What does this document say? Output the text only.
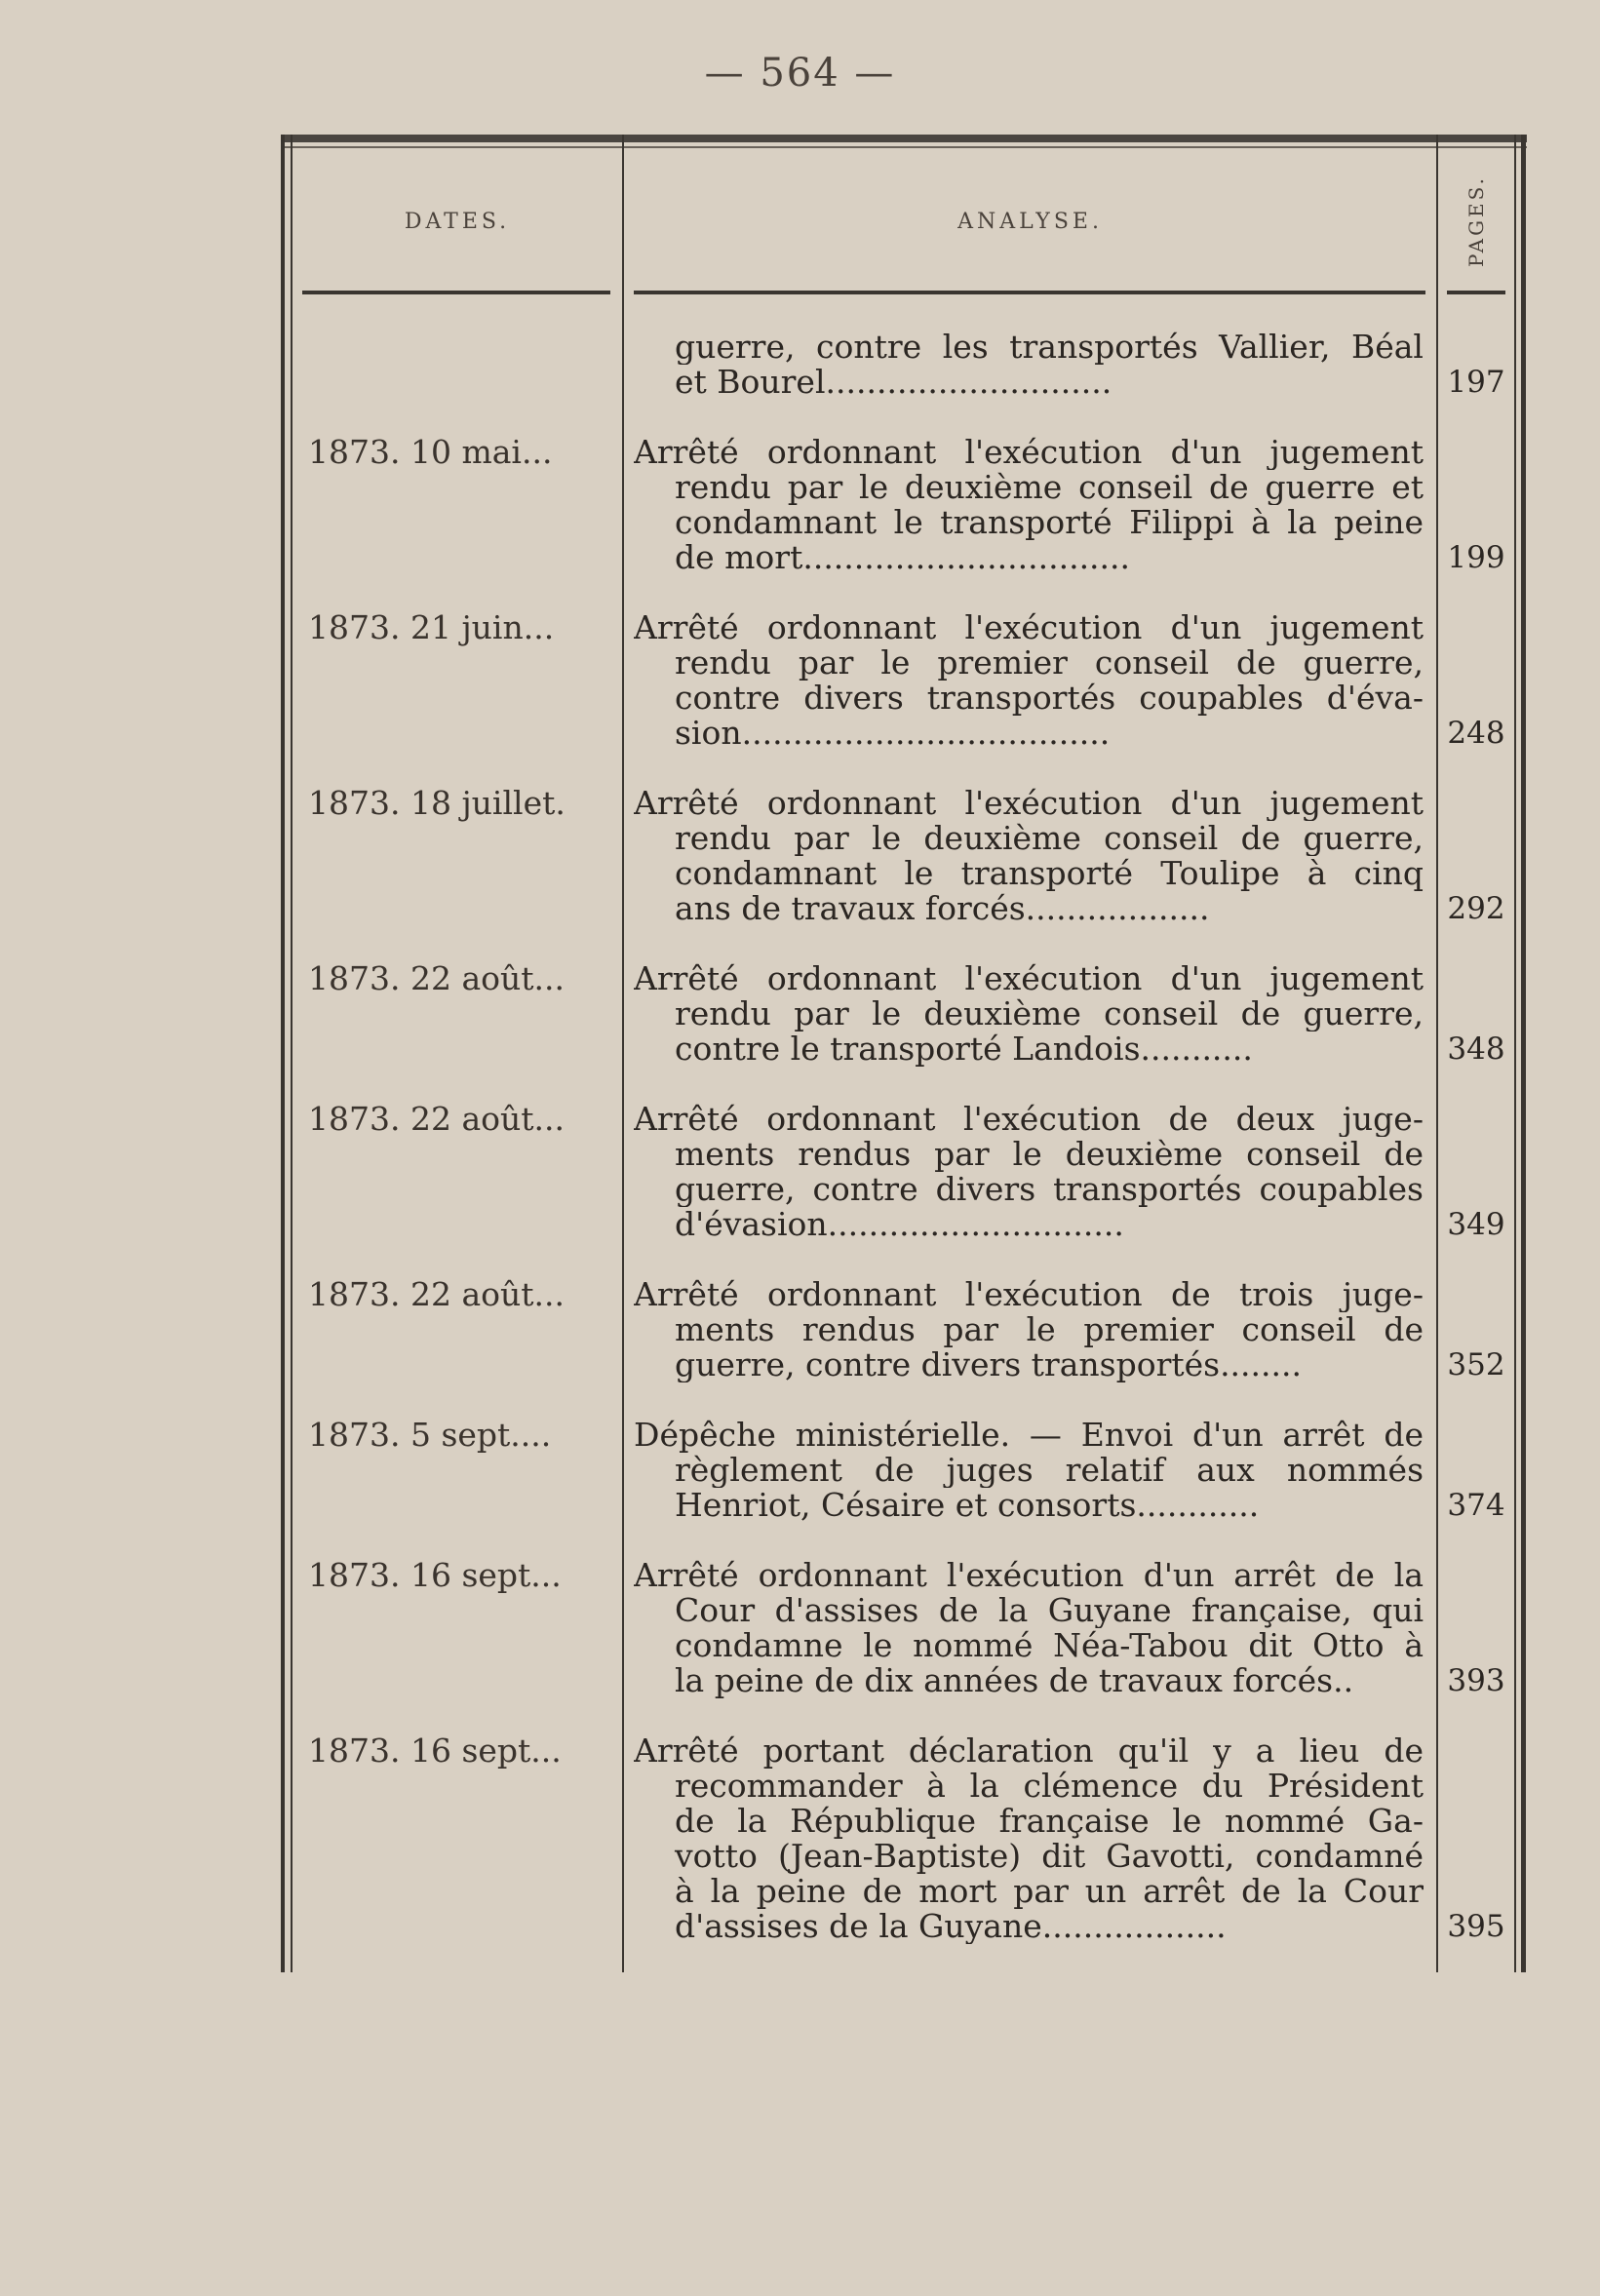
— 564 —
DATES.	ANALYSE.	PAGES.
guerre, contre les transportés Vallier, Béal
et Bourel............................	197
1873. 10 mai...	Arrêté ordonnant l'exécution d'un jugement
rendu par le deuxième conseil de guerre et
condamnant le transporté Filippi à la peine
de mort................................	199
1873. 21 juin...	Arrêté ordonnant l'exécution d'un jugement
rendu par le premier conseil de guerre,
contre divers transportés coupables d'éva-
sion....................................	248
1873. 18 juillet.	Arrêté ordonnant l'exécution d'un jugement
rendu par le deuxième conseil de guerre,
condamnant le transporté Toulipe à cinq
ans de travaux forcés..................	292
1873. 22 août...	Arrêté ordonnant l'exécution d'un jugement
rendu par le deuxième conseil de guerre,
contre le transporté Landois...........	348
1873. 22 août...	Arrêté ordonnant l'exécution de deux juge-
ments rendus par le deuxième conseil de
guerre, contre divers transportés coupables
d'évasion.............................	349
1873. 22 août...	Arrêté ordonnant l'exécution de trois juge-
ments rendus par le premier conseil de
guerre, contre divers transportés........	352
1873. 5 sept....	Dépêche ministérielle. — Envoi d'un arrêt de
règlement de juges relatif aux nommés
Henriot, Césaire et consorts............	374
1873. 16 sept...	Arrêté ordonnant l'exécution d'un arrêt de la
Cour d'assises de la Guyane française, qui
condamne le nommé Néa-Tabou dit Otto à
la peine de dix années de travaux forcés..	393
1873. 16 sept...	Arrêté portant déclaration qu'il y a lieu de
recommander à la clémence du Président
de la République française le nommé Ga-
votto (Jean-Baptiste) dit Gavotti, condamné
à la peine de mort par un arrêt de la Cour
d'assises de la Guyane..................	395
